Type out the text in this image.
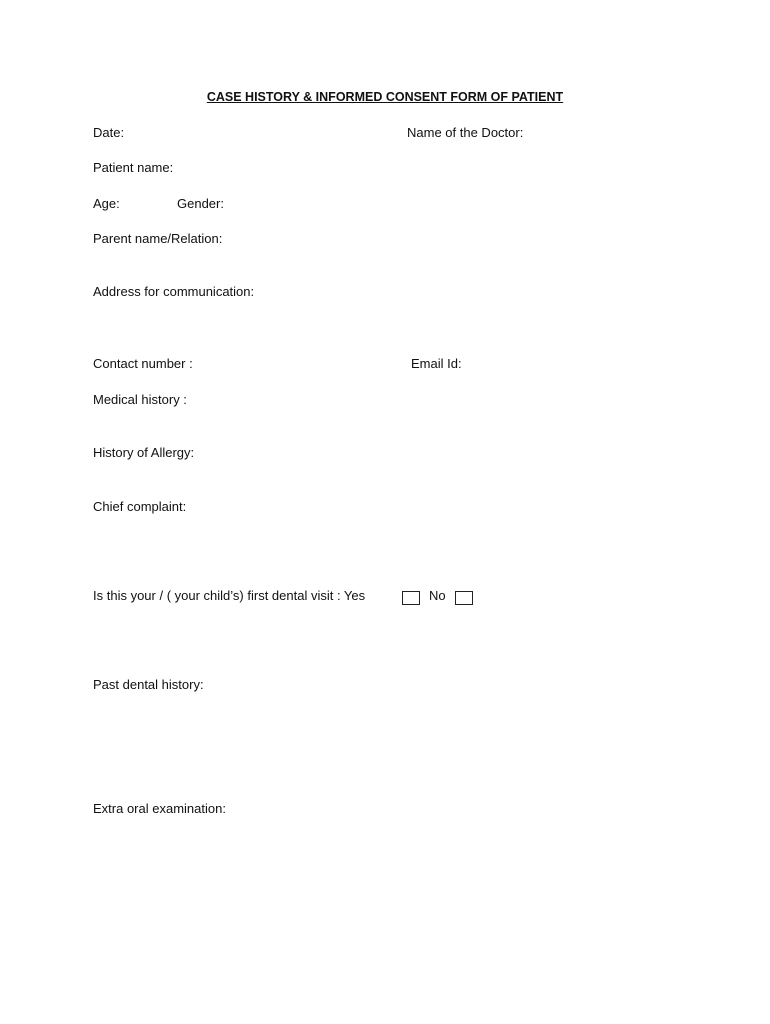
CASE HISTORY & INFORMED CONSENT FORM OF PATIENT
Date:	Name of the Doctor:
Patient name:
Age:	Gender:
Parent name/Relation:
Address for communication:
Contact number :	Email Id:
Medical history :
History of Allergy:
Chief complaint:
Is this your / ( your child’s) first dental visit : Yes	No
Past dental history:
Extra oral examination:
